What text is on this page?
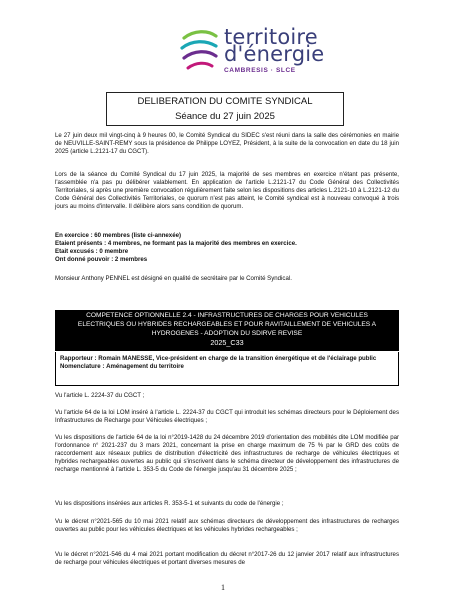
territoire
d'énergie
CAMBRESIS · SLCE
DELIBERATION DU COMITE SYNDICAL
Séance du 27 juin 2025
Le 27 juin deux mil vingt-cinq à 9 heures 00, le Comité Syndical du SIDEC s'est réuni dans la salle des cérémonies en mairie de NEUVILLE-SAINT-REMY sous la présidence de Philippe LOYEZ, Président, à la suite de la convocation en date du 18 juin 2025 (article L.2121-17 du CGCT).
Lors de la séance du Comité Syndical du 17 juin 2025, la majorité de ses membres en exercice n'étant pas présente, l'assemblée n'a pas pu délibérer valablement. En application de l'article L.2121-17 du Code Général des Collectivités Territoriales, si après une première convocation régulièrement faite selon les dispositions des articles L.2121-10 à L.2121-12 du Code Général des Collectivités Territoriales, ce quorum n'est pas atteint, le Comité syndical est à nouveau convoqué à trois jours au moins d'intervalle. Il délibère alors sans condition de quorum.
En exercice : 60 membres (liste ci-annexée)
Etaient présents : 4 membres, ne formant pas la majorité des membres en exercice.
Etait excusés : 0 membre
Ont donné pouvoir : 2 membres
Monsieur Anthony PENNEL est désigné en qualité de secrétaire par le Comité Syndical.
COMPETENCE OPTIONNELLE 2.4 - INFRASTRUCTURES DE CHARGES POUR VEHICULES
ELECTRIQUES OU HYBRIDES RECHARGEABLES ET POUR RAVITAILLEMENT DE VEHICULES A
HYDROGENES - ADOPTION DU SDIRVE REVISE
2025_C33
Rapporteur : Romain MANESSE, Vice-président en charge de la transition énergétique et de l'éclairage public
Nomenclature : Aménagement du territoire
Vu l'article L. 2224-37 du CGCT ;
Vu l'article 64 de la loi LOM inséré à l'article L. 2224-37 du CGCT qui introduit les schémas directeurs pour le Déploiement des Infrastructures de Recharge pour Véhicules électriques ;
Vu les dispositions de l'article 64 de la loi n°2019-1428 du 24 décembre 2019 d'orientation des mobilités dite LOM modifiée par l'ordonnance n° 2021-237 du 3 mars 2021, concernant la prise en charge maximum de 75 % par le GRD des coûts de raccordement aux réseaux publics de distribution d'électricité des infrastructures de recharge de véhicules électriques et hybrides rechargeables ouvertes au public qui s'inscrivent dans le schéma directeur de développement des infrastructures de recharge mentionné à l'article L. 353-5 du Code de l'énergie jusqu'au 31 décembre 2025 ;
Vu les dispositions insérées aux articles R. 353-5-1 et suivants du code de l'énergie ;
Vu le décret n°2021-565 du 10 mai 2021 relatif aux schémas directeurs de développement des infrastructures de recharges ouvertes au public pour les véhicules électriques et les véhicules hybrides rechargeables ;
Vu le décret n°2021-546 du 4 mai 2021 portant modification du décret n°2017-26 du 12 janvier 2017 relatif aux infrastructures de recharge pour véhicules électriques et portant diverses mesures de
1
